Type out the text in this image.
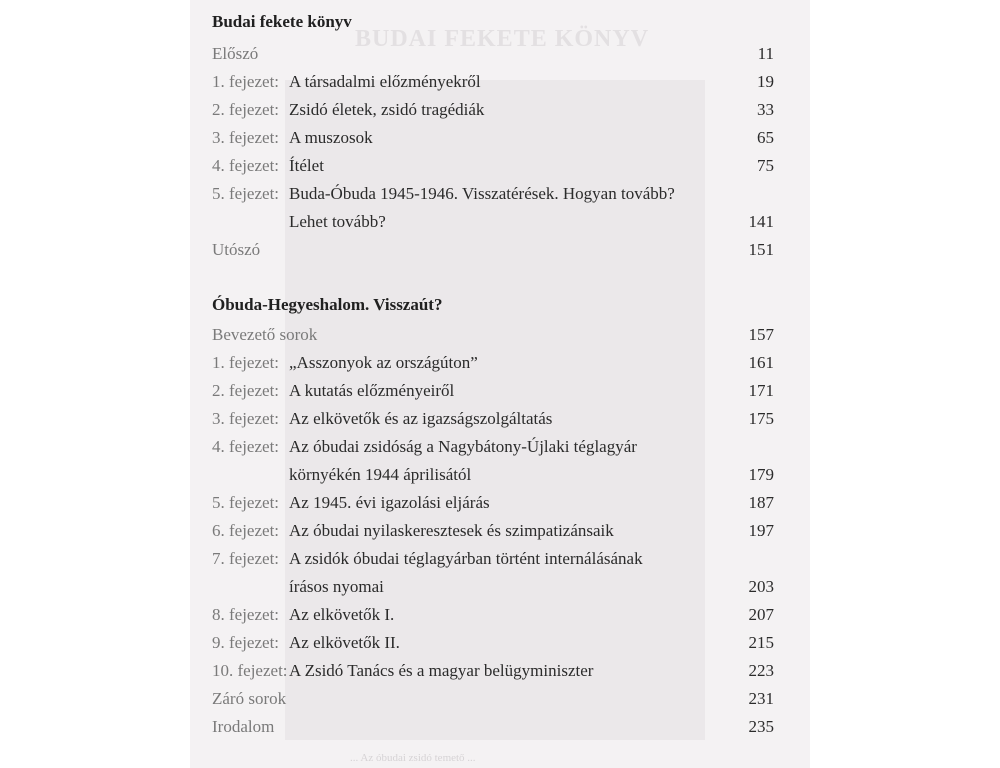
BUDAI FEKETE KÖNYV
... Az óbudai zsidó temető ...
Budai fekete könyv
Előszó	11
1. fejezet: A társadalmi előzményekről	19
2. fejezet: Zsidó életek, zsidó tragédiák	33
3. fejezet: A muszosok	65
4. fejezet: Ítélet	75
5. fejezet: Buda-Óbuda 1945-1946. Visszatérések. Hogyan tovább?
Lehet tovább?	141
Utószó	151
Óbuda-Hegyeshalom. Visszaút?
Bevezető sorok	157
1. fejezet: „Asszonyok az országúton”	161
2. fejezet: A kutatás előzményeiről	171
3. fejezet: Az elkövetők és az igazságszolgáltatás	175
4. fejezet: Az óbudai zsidóság a Nagybátony-Újlaki téglagyár
környékén 1944 áprilisától	179
5. fejezet: Az 1945. évi igazolási eljárás	187
6. fejezet: Az óbudai nyilaskeresztesek és szimpatizánsaik	197
7. fejezet: A zsidók óbudai téglagyárban történt internálásának
írásos nyomai	203
8. fejezet: Az elkövetők I.	207
9. fejezet: Az elkövetők II.	215
10. fejezet: A Zsidó Tanács és a magyar belügyminiszter	223
Záró sorok	231
Irodalom	235
